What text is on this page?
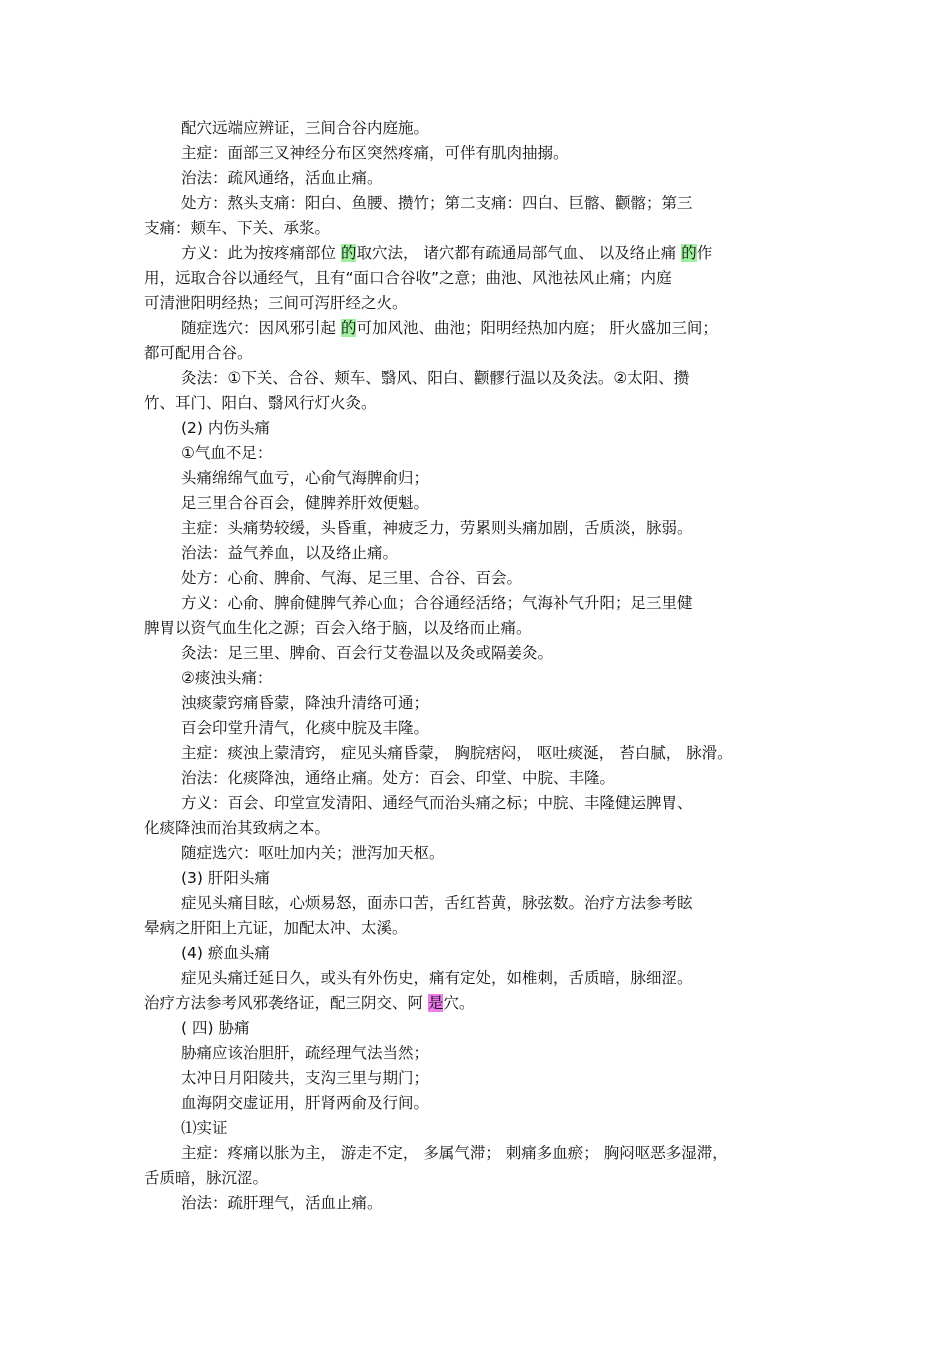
配穴远端应辨证，三间合谷内庭施。
主症：面部三叉神经分布区突然疼痛，可伴有肌肉抽搦。
治法：疏风通络，活血止痛。
处方：熬头支痛：阳白、鱼腰、攒竹；第二支痛：四白、巨髂、颧髂；第三
支痛：颊车、下关、承浆。
方义：此为按疼痛部位 的取穴法， 诸穴都有疏通局部气血、 以及络止痛 的作
用，远取合谷以通经气，且有“面口合谷收”之意；曲池、风池祛风止痛；内庭
可清泄阳明经热；三间可泻肝经之火。
随症选穴：因风邪引起 的可加风池、曲池；阳明经热加内庭； 肝火盛加三间；
都可配用合谷。
灸法：①下关、合谷、颊车、翳风、阳白、颧髎行温以及灸法。②太阳、攒
竹、耳门、阳白、翳风行灯火灸。
(2) 内伤头痛
①气血不足：
头痛绵绵气血亏，心俞气海脾俞归；
足三里合谷百会，健脾养肝效便魁。
主症：头痛势较缓，头昏重，神疲乏力，劳累则头痛加剧，舌质淡，脉弱。
治法：益气养血，以及络止痛。
处方：心俞、脾俞、气海、足三里、合谷、百会。
方义：心俞、脾俞健脾气养心血；合谷通经活络；气海补气升阳；足三里健
脾胃以资气血生化之源；百会入络于脑，以及络而止痛。
灸法：足三里、脾俞、百会行艾卷温以及灸或隔姜灸。
②痰浊头痛：
浊痰蒙窍痛昏蒙，降浊升清络可通；
百会印堂升清气，化痰中脘及丰隆。
主症：痰浊上蒙清窍， 症见头痛昏蒙， 胸脘痞闷， 呕吐痰涎， 苔白腻， 脉滑。
治法：化痰降浊，通络止痛。处方：百会、印堂、中脘、丰隆。
方义：百会、印堂宣发清阳、通经气而治头痛之标；中脘、丰隆健运脾胃、
化痰降浊而治其致病之本。
随症选穴：呕吐加内关；泄泻加天枢。
(3) 肝阳头痛
症见头痛目眩，心烦易怒，面赤口苦，舌红苔黄，脉弦数。治疗方法参考眩
晕病之肝阳上亢证，加配太冲、太溪。
(4) 瘀血头痛
症见头痛迁延日久，或头有外伤史，痛有定处，如椎刺，舌质暗，脉细涩。
治疗方法参考风邪袭络证，配三阴交、阿 是穴。
( 四) 胁痛
胁痛应该治胆肝，疏经理气法当然；
太冲日月阳陵共，支沟三里与期门；
血海阴交虚证用，肝肾两俞及行间。
⑴实证
主症：疼痛以胀为主， 游走不定， 多属气滞； 刺痛多血瘀； 胸闷呕恶多湿滞，
舌质暗，脉沉涩。
治法：疏肝理气，活血止痛。
